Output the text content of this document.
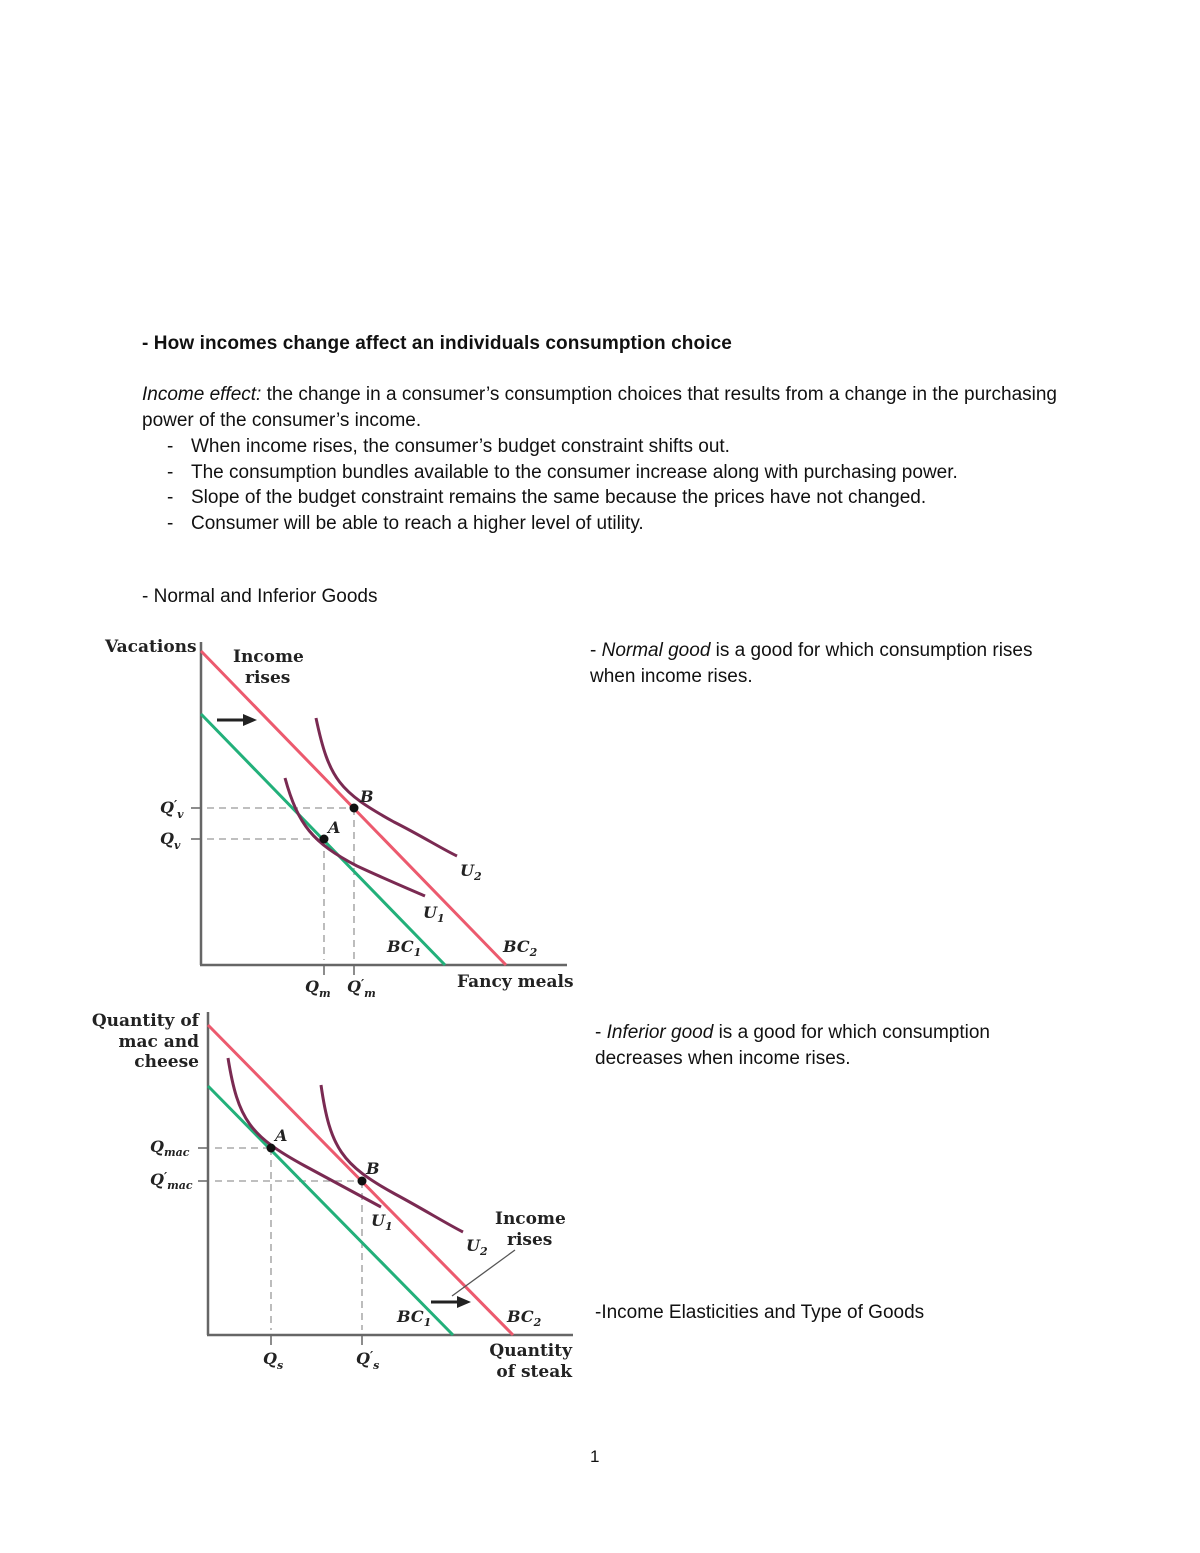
- How incomes change affect an individuals consumption choice
Income effect: the change in a consumer’s consumption choices that results from a change in the purchasing power of the consumer’s income.
- When income rises, the consumer’s budget constraint shifts out.
- The consumption bundles available to the consumer increase along with purchasing power.
- Slope of the budget constraint remains the same because the prices have not changed.
- Consumer will be able to reach a higher level of utility.
- Normal and Inferior Goods
- Normal good is a good for which consumption rises when income rises.
- Inferior good is a good for which consumption decreases when income rises.
-Income Elasticities and Type of Goods
Vacations
Fancy meals
Income
rises
A
B
$U_1$
$U_2$
$BC_1$	$BC_2$
$Q'_v$
$Q_v$
$Q_m$ $Q'_m$
Quantity of
mac and
cheese
Quantity
of steak
Income
rises
A
B
$U_1$
$U_2$
$BC_1$	$BC_2$
$Q_{mac}$
$Q'_{mac}$
$Q_s$	$Q'_s$
1
